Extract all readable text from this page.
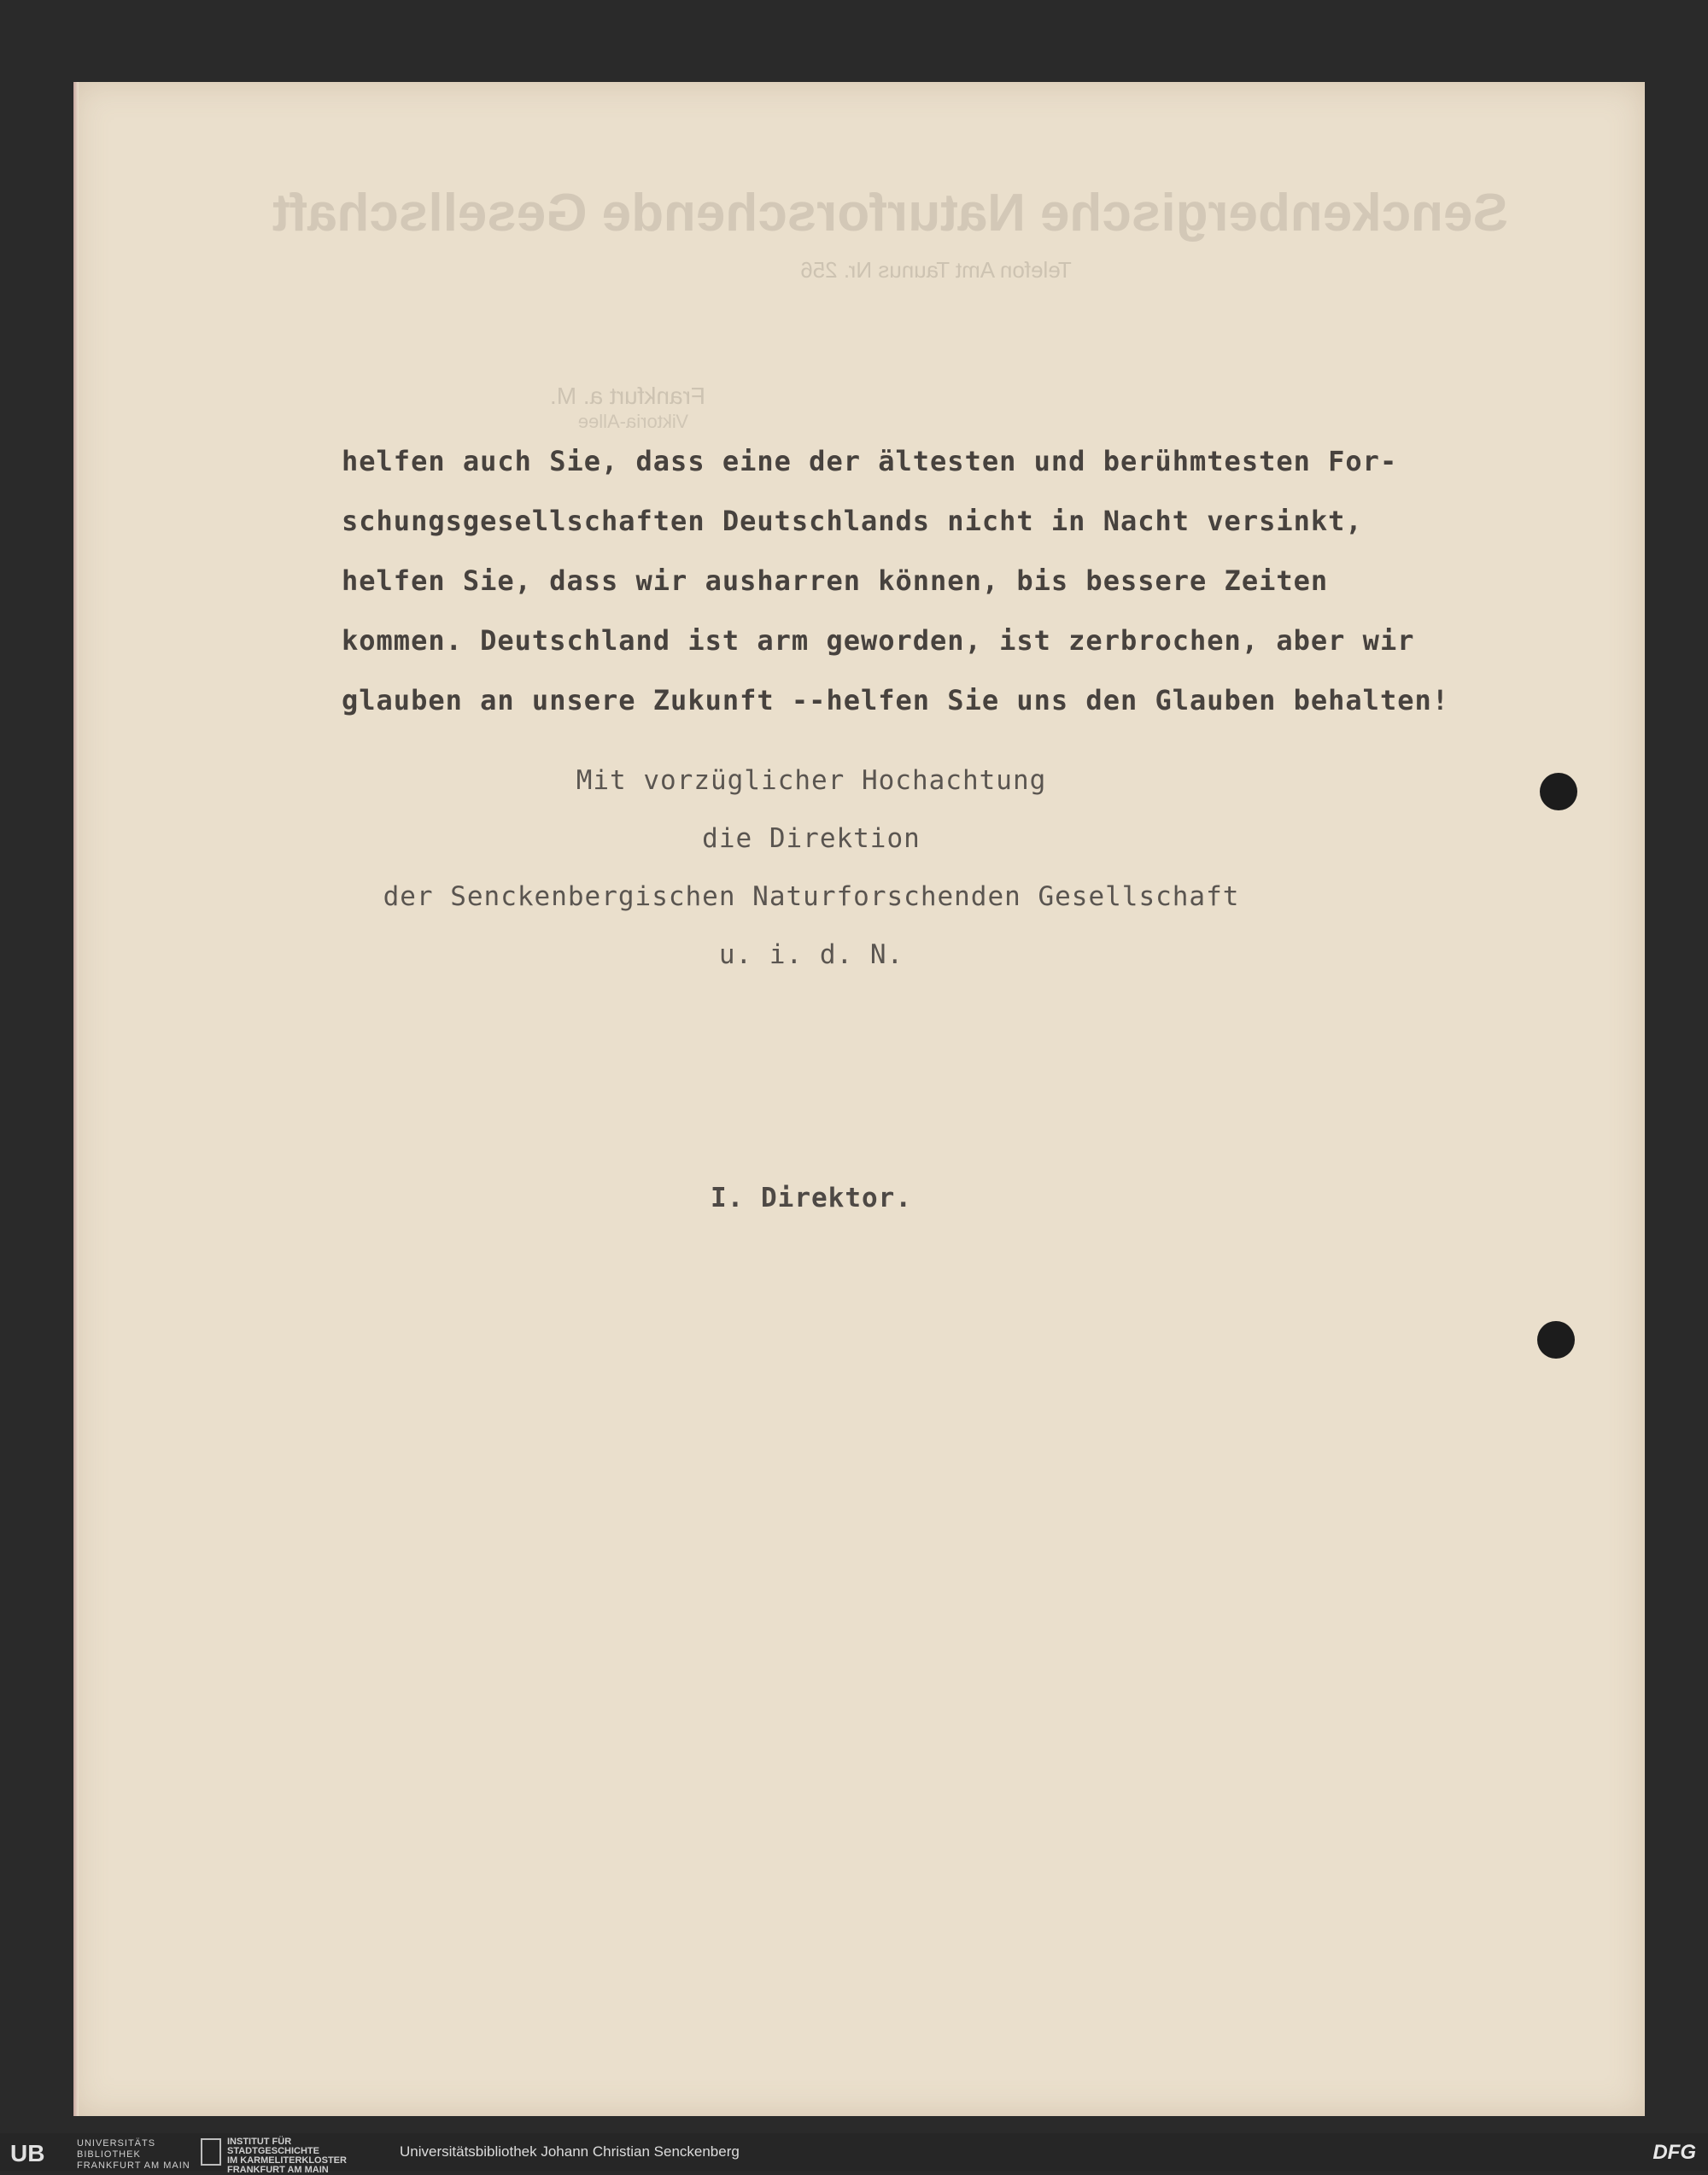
Senckenbergische Naturforschende Gesellschaft
Telefon Amt Taunus Nr. 256
Frankfurt a. M.
Viktoria-Allee
helfen auch Sie, dass eine der ältesten und berühmtesten For-
schungsgesellschaften Deutschlands nicht in Nacht versinkt,
helfen Sie, dass wir ausharren können, bis bessere Zeiten
kommen. Deutschland ist arm geworden, ist zerbrochen, aber wir
glauben an unsere Zukunft --helfen Sie uns den Glauben behalten!
Mit vorzüglicher Hochachtung
die Direktion
der Senckenbergischen Naturforschenden Gesellschaft
u. i. d. N.
I. Direktor.
UB	UNIVERSITÄTS
BIBLIOTHEK
FRANKFURT AM MAIN
INSTITUT FÜR
STADTGESCHICHTE
IM KARMELITERKLOSTER
FRANKFURT AM MAIN
Universitätsbibliothek Johann Christian Senckenberg	DFG
